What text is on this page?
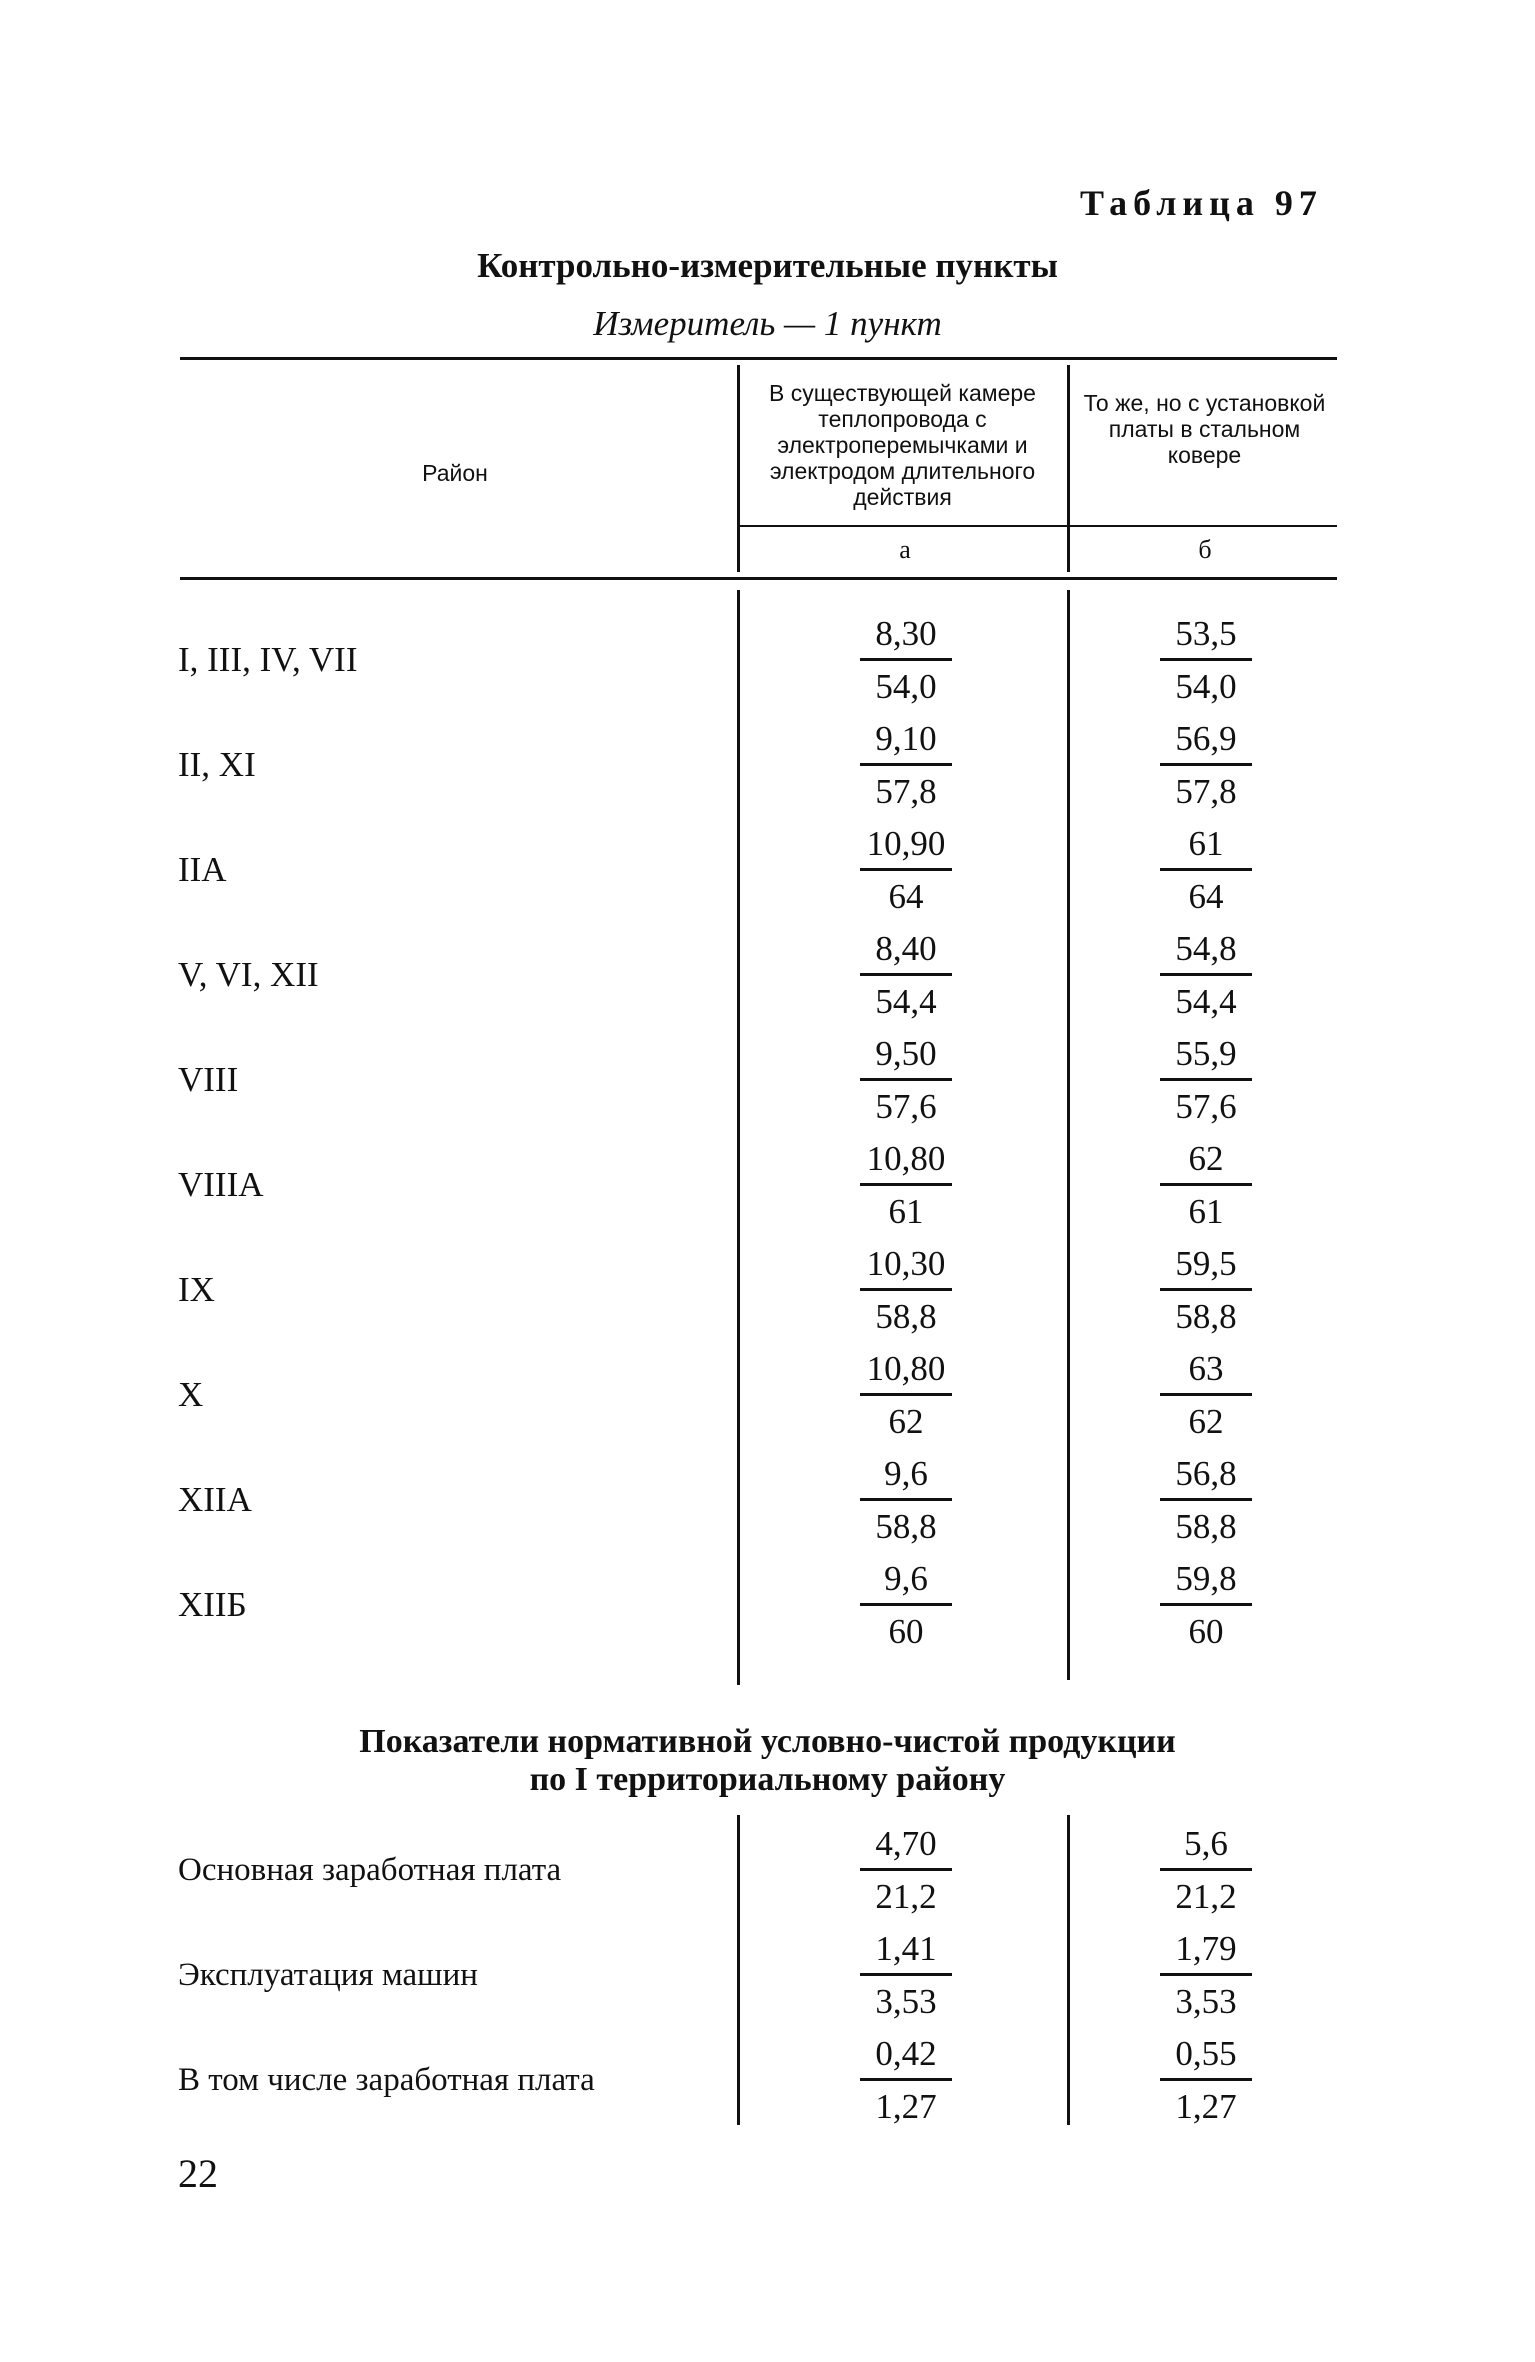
Таблица 97
Контрольно-измерительные пункты
Измеритель — 1 пункт
Район
В существующей камере теплопровода с электроперемычками и электродом длительного действия
То же, но с установкой платы в стальном ковере
а	б
I, III, IV, VII
II, XI
IIA
V, VI, XII
VIII
VIIIA
IX
X
XIIA
XIIБ
8,30
54,0
9,10
57,8
10,90
64
8,40
54,4
9,50
57,6
10,80
61
10,30
58,8
10,80
62
9,6
58,8
9,6
60
53,5
54,0
56,9
57,8
61
64
54,8
54,4
55,9
57,6
62
61
59,5
58,8
63
62
56,8
58,8
59,8
60
Показатели нормативной условно-чистой продукции
по I территориальному району
Основная заработная плата
Эксплуатация машин
В том числе заработная плата
4,70
21,2
1,41
3,53
0,42
1,27
5,6
21,2
1,79
3,53
0,55
1,27
22
